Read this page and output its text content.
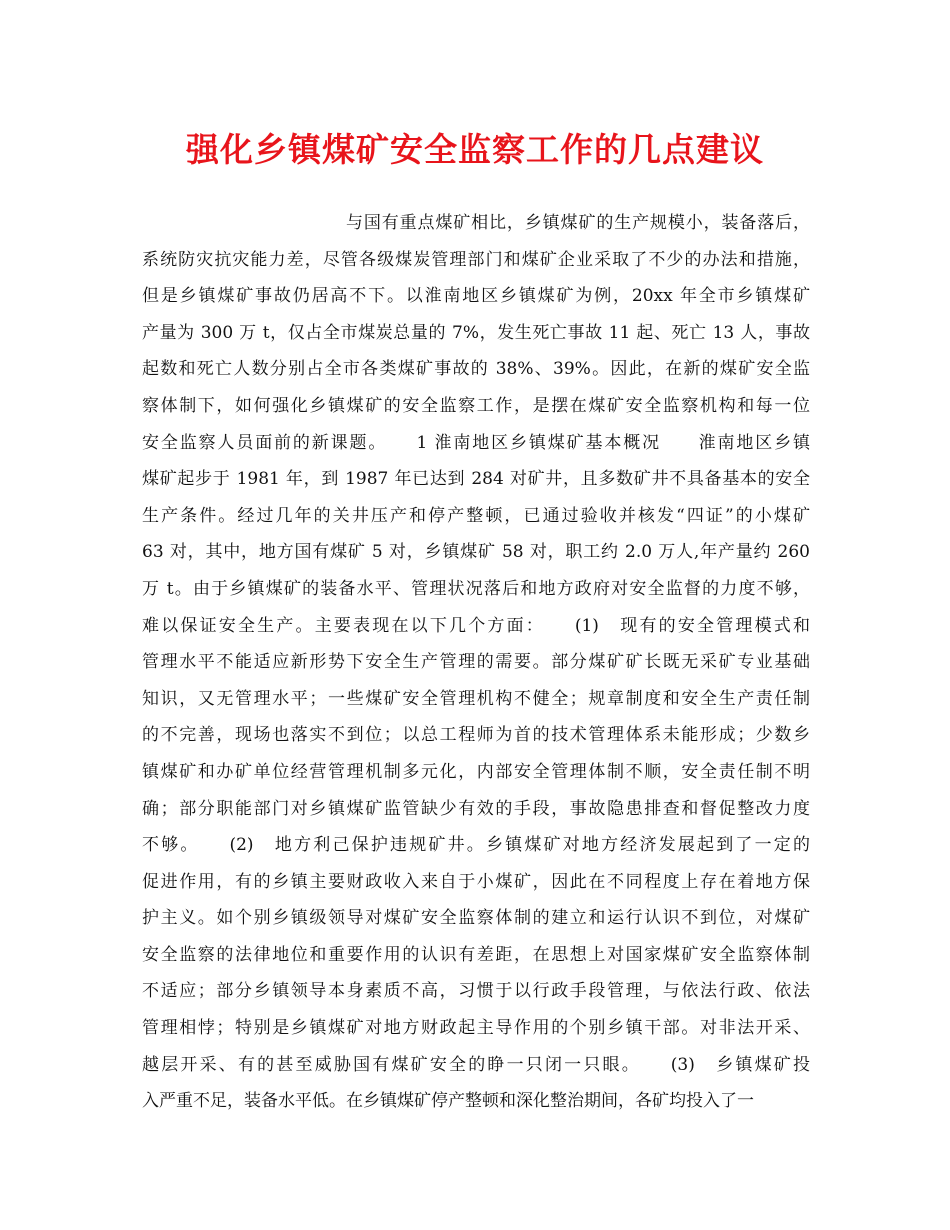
强化乡镇煤矿安全监察工作的几点建议
与国有重点煤矿相比，乡镇煤矿的生产规模小，装备落后，
系统防灾抗灾能力差，尽管各级煤炭管理部门和煤矿企业采取了不少的办法和措施，
但是乡镇煤矿事故仍居高不下。以淮南地区乡镇煤矿为例，20xx 年全市乡镇煤矿
产量为 300 万 t，仅占全市煤炭总量的 7%，发生死亡事故 11 起、死亡 13 人，事故
起数和死亡人数分别占全市各类煤矿事故的 38%、39%。因此，在新的煤矿安全监
察体制下，如何强化乡镇煤矿的安全监察工作，是摆在煤矿安全监察机构和每一位
安全监察人员面前的新课题。　　1 淮南地区乡镇煤矿基本概况　　淮南地区乡镇
煤矿起步于 1981 年，到 1987 年已达到 284 对矿井，且多数矿井不具备基本的安全
生产条件。经过几年的关井压产和停产整顿，已通过验收并核发“四证”的小煤矿
63 对，其中，地方国有煤矿 5 对，乡镇煤矿 58 对，职工约 2.0 万人,年产量约 260
万 t。由于乡镇煤矿的装备水平、管理状况落后和地方政府对安全监督的力度不够，
难以保证安全生产。主要表现在以下几个方面：　　(1)　现有的安全管理模式和
管理水平不能适应新形势下安全生产管理的需要。部分煤矿矿长既无采矿专业基础
知识，又无管理水平；一些煤矿安全管理机构不健全；规章制度和安全生产责任制
的不完善，现场也落实不到位；以总工程师为首的技术管理体系未能形成；少数乡
镇煤矿和办矿单位经营管理机制多元化，内部安全管理体制不顺，安全责任制不明
确；部分职能部门对乡镇煤矿监管缺少有效的手段，事故隐患排查和督促整改力度
不够。　　(2)　地方利己保护违规矿井。乡镇煤矿对地方经济发展起到了一定的
促进作用，有的乡镇主要财政收入来自于小煤矿，因此在不同程度上存在着地方保
护主义。如个别乡镇级领导对煤矿安全监察体制的建立和运行认识不到位，对煤矿
安全监察的法律地位和重要作用的认识有差距，在思想上对国家煤矿安全监察体制
不适应；部分乡镇领导本身素质不高，习惯于以行政手段管理，与依法行政、依法
管理相悖；特别是乡镇煤矿对地方财政起主导作用的个别乡镇干部。对非法开采、
越层开采、有的甚至威胁国有煤矿安全的睁一只闭一只眼。　　(3)　乡镇煤矿投
入严重不足，装备水平低。在乡镇煤矿停产整顿和深化整治期间，各矿均投入了一
